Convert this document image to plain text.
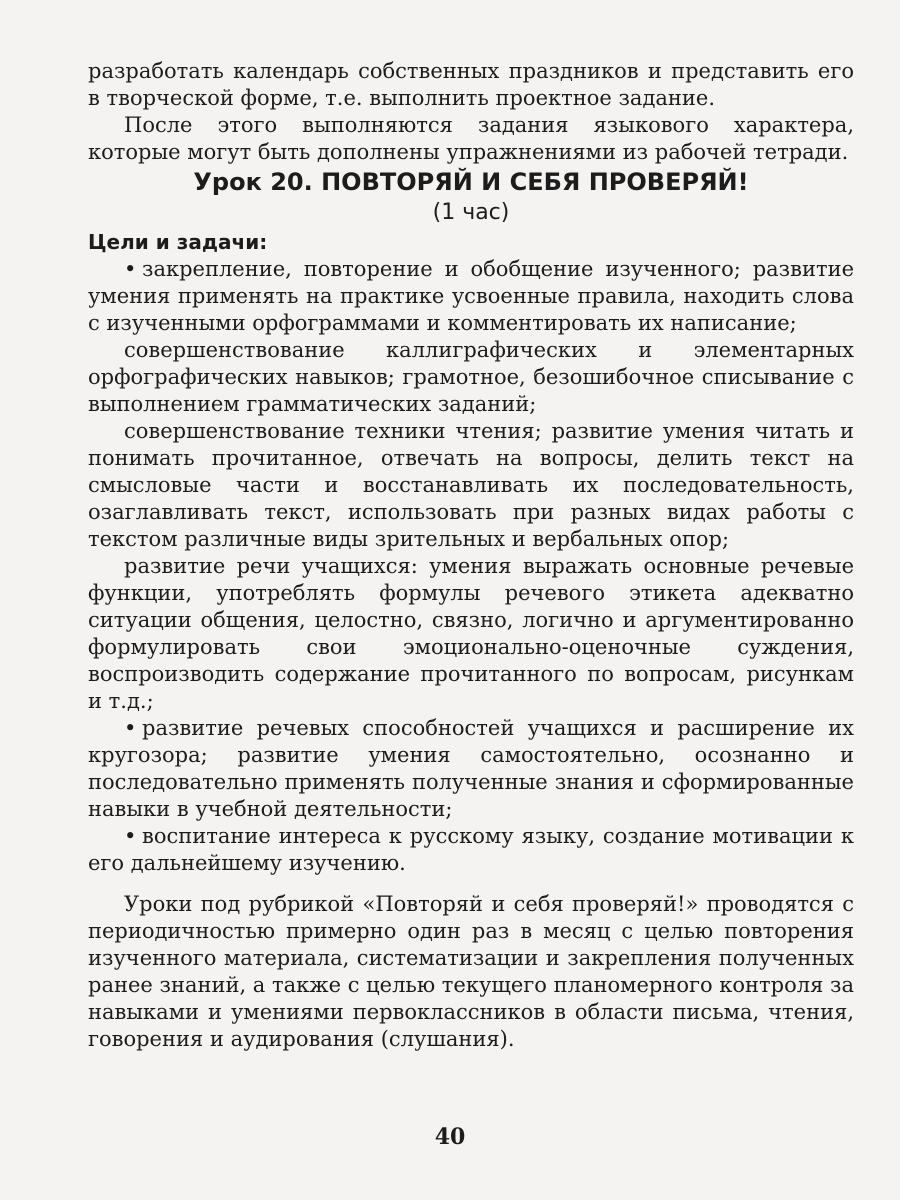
разработать календарь собственных праздников и представить его в творческой форме, т.е. выполнить проектное задание.

После этого выполняются задания языкового характера, которые могут быть дополнены упражнениями из рабочей тетради.

Урок 20. ПОВТОРЯЙ И СЕБЯ ПРОВЕРЯЙ!

(1 час)

Цели и задачи:

• закрепление, повторение и обобщение изученного; развитие умения применять на практике усвоенные правила, находить слова с изученными орфограммами и комментировать их написание;

совершенствование каллиграфических и элементарных орфографических навыков; грамотное, безошибочное списывание с выполнением грамматических заданий;

совершенствование техники чтения; развитие умения читать и понимать прочитанное, отвечать на вопросы, делить текст на смысловые части и восстанавливать их последовательность, озаглавливать текст, использовать при разных видах работы с текстом различные виды зрительных и вербальных опор;

развитие речи учащихся: умения выражать основные речевые функции, употреблять формулы речевого этикета адекватно ситуации общения, целостно, связно, логично и аргументированно формулировать свои эмоционально-оценочные суждения, воспроизводить содержание прочитанного по вопросам, рисункам и т.д.;

• развитие речевых способностей учащихся и расширение их кругозора; развитие умения самостоятельно, осознанно и последовательно применять полученные знания и сформированные навыки в учебной деятельности;

• воспитание интереса к русскому языку, создание мотивации к его дальнейшему изучению.

Уроки под рубрикой «Повторяй и себя проверяй!» проводятся с периодичностью примерно один раз в месяц с целью повторения изученного материала, систематизации и закрепления полученных ранее знаний, а также с целью текущего планомерного контроля за навыками и умениями первоклассников в области письма, чтения, говорения и аудирования (слушания).

40
